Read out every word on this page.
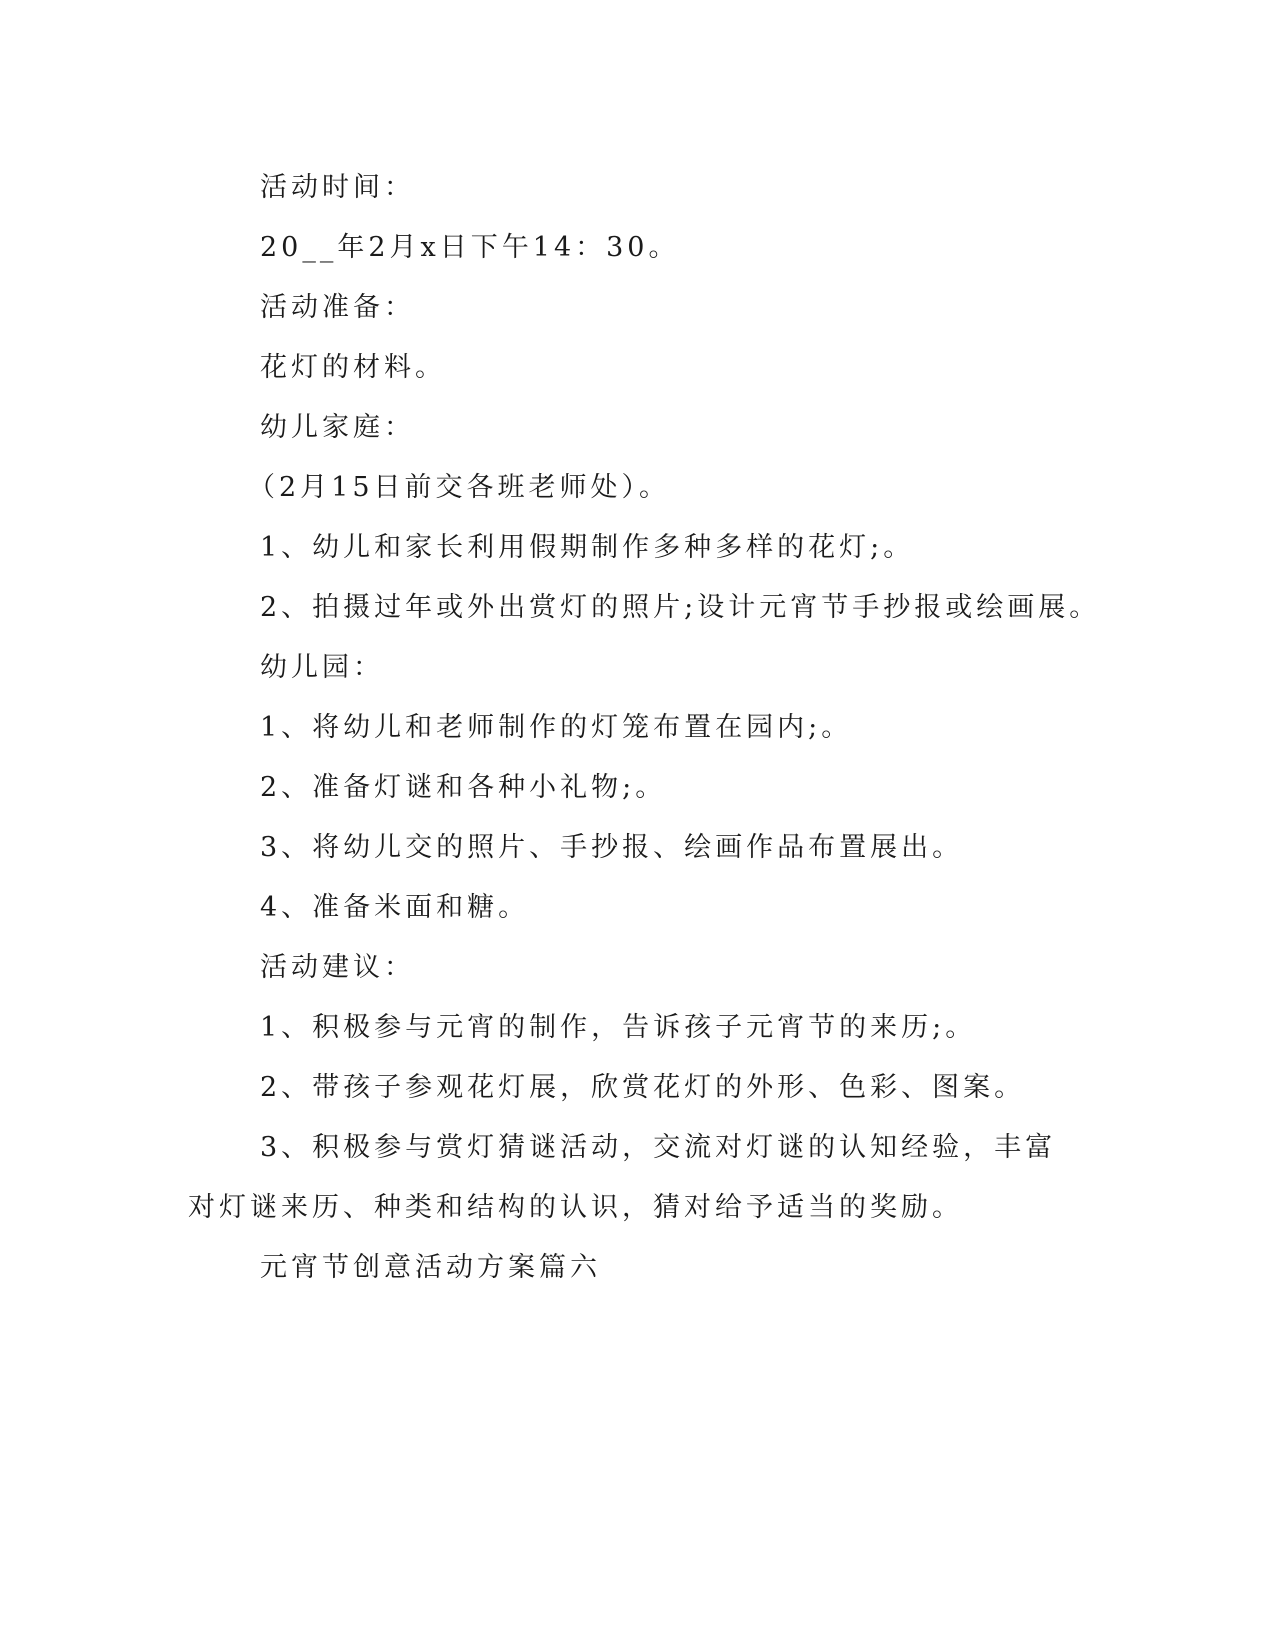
活动时间：

20__年2月x日下午14：30。

活动准备：

花灯的材料。

幼儿家庭：

（2月15日前交各班老师处）。

1、幼儿和家长利用假期制作多种多样的花灯;。

2、拍摄过年或外出赏灯的照片;设计元宵节手抄报或绘画展。

幼儿园：

1、将幼儿和老师制作的灯笼布置在园内;。

2、准备灯谜和各种小礼物;。

3、将幼儿交的照片、手抄报、绘画作品布置展出。

4、准备米面和糖。

活动建议：

1、积极参与元宵的制作，告诉孩子元宵节的来历;。

2、带孩子参观花灯展，欣赏花灯的外形、色彩、图案。

3、积极参与赏灯猜谜活动，交流对灯谜的认知经验，丰富对灯谜来历、种类和结构的认识，猜对给予适当的奖励。

元宵节创意活动方案篇六
